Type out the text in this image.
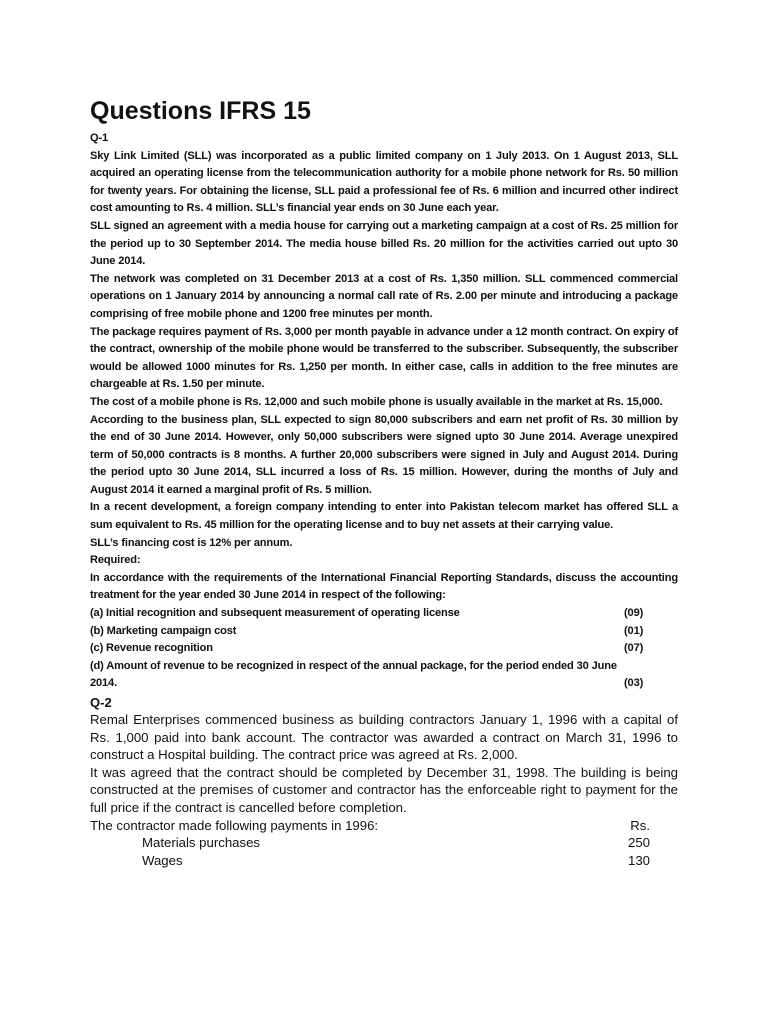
Questions IFRS 15

Q-1

Sky Link Limited (SLL) was incorporated as a public limited company on 1 July 2013. On 1 August 2013, SLL acquired an operating license from the telecommunication authority for a mobile phone network for Rs. 50 million for twenty years. For obtaining the license, SLL paid a professional fee of Rs. 6 million and incurred other indirect cost amounting to Rs. 4 million. SLL’s financial year ends on 30 June each year.

SLL signed an agreement with a media house for carrying out a marketing campaign at a cost of Rs. 25 million for the period up to 30 September 2014. The media house billed Rs. 20 million for the activities carried out upto 30 June 2014.

The network was completed on 31 December 2013 at a cost of Rs. 1,350 million. SLL commenced commercial operations on 1 January 2014 by announcing a normal call rate of Rs. 2.00 per minute and introducing a package comprising of free mobile phone and 1200 free minutes per month.

The package requires payment of Rs. 3,000 per month payable in advance under a 12 month contract. On expiry of the contract, ownership of the mobile phone would be transferred to the subscriber. Subsequently, the subscriber would be allowed 1000 minutes for Rs. 1,250 per month. In either case, calls in addition to the free minutes are chargeable at Rs. 1.50 per minute.

The cost of a mobile phone is Rs. 12,000 and such mobile phone is usually available in the market at Rs. 15,000.

According to the business plan, SLL expected to sign 80,000 subscribers and earn net profit of Rs. 30 million by the end of 30 June 2014. However, only 50,000 subscribers were signed upto 30 June 2014. Average unexpired term of 50,000 contracts is 8 months. A further 20,000 subscribers were signed in July and August 2014. During the period upto 30 June 2014, SLL incurred a loss of Rs. 15 million. However, during the months of July and August 2014 it earned a marginal profit of Rs. 5 million.

In a recent development, a foreign company intending to enter into Pakistan telecom market has offered SLL a sum equivalent to Rs. 45 million for the operating license and to buy net assets at their carrying value.

SLL’s financing cost is 12% per annum.

Required:

In accordance with the requirements of the International Financial Reporting Standards, discuss the accounting treatment for the year ended 30 June 2014 in respect of the following:

(a) Initial recognition and subsequent measurement of operating license	(09)
(b) Marketing campaign cost	(01)
(c) Revenue recognition	(07)

(d) Amount of revenue to be recognized in respect of the annual package, for the period ended 30 June

2014.	(03)
Q-2

Remal Enterprises commenced business as building contractors January 1, 1996 with a capital of Rs. 1,000 paid into bank account. The contractor was awarded a contract on March 31, 1996 to construct a Hospital building. The contract price was agreed at Rs. 2,000.

It was agreed that the contract should be completed by December 31, 1998. The building is being constructed at the premises of customer and contractor has the enforceable right to payment for the full price if the contract is cancelled before completion.

The contractor made following payments in 1996:	Rs.
Materials purchases	250
Wages	130
